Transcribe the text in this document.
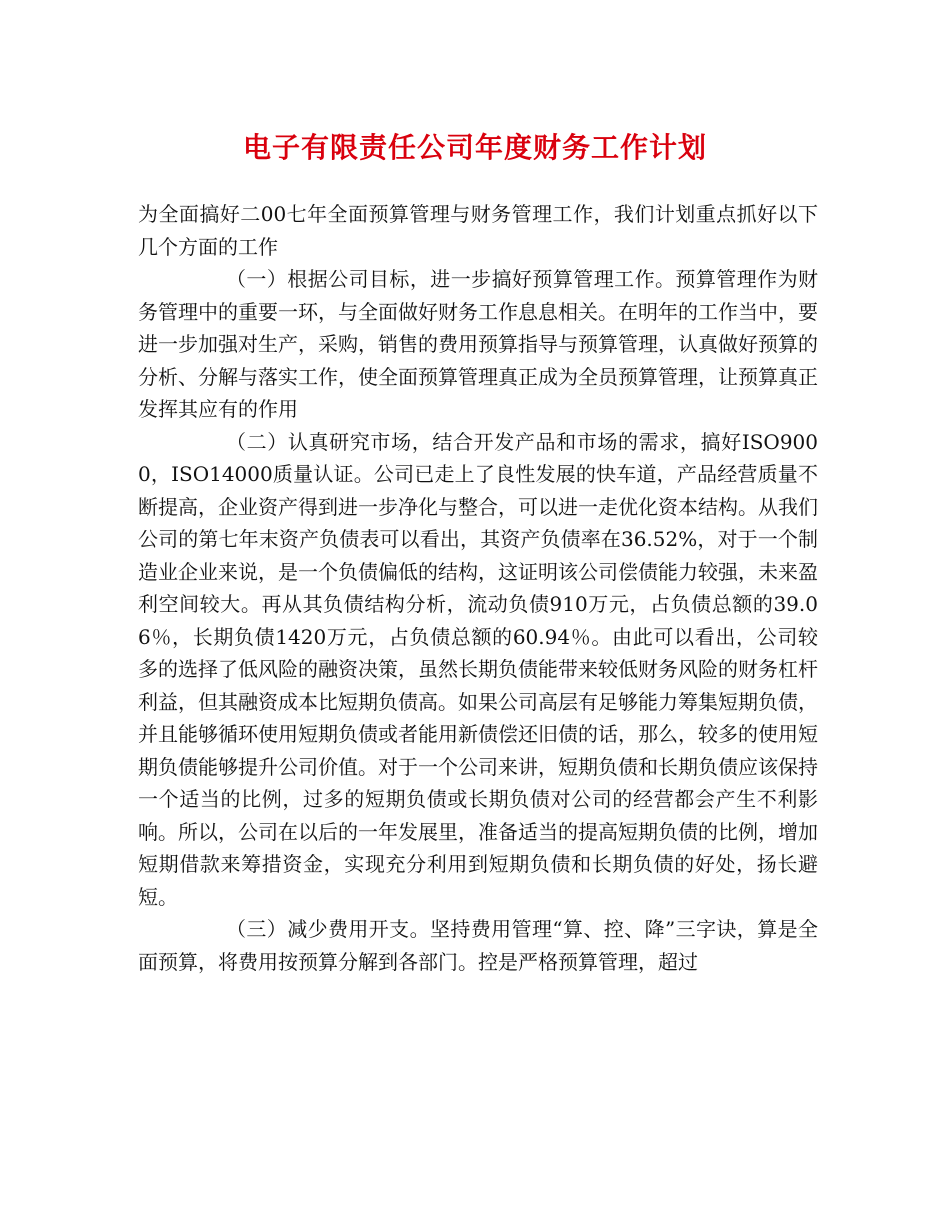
电子有限责任公司年度财务工作计划

为全面搞好二00七年全面预算管理与财务管理工作，我们计划重点抓好以下几个方面的工作

（一）根据公司目标，进一步搞好预算管理工作。预算管理作为财务管理中的重要一环，与全面做好财务工作息息相关。在明年的工作当中，要进一步加强对生产，采购，销售的费用预算指导与预算管理，认真做好预算的分析、分解与落实工作，使全面预算管理真正成为全员预算管理，让预算真正发挥其应有的作用

（二）认真研究市场，结合开发产品和市场的需求，搞好ISO9000，ISO14000质量认证。公司已走上了良性发展的快车道，产品经营质量不断提高，企业资产得到进一步净化与整合，可以进一走优化资本结构。从我们公司的第七年末资产负债表可以看出，其资产负债率在36.52%，对于一个制造业企业来说，是一个负债偏低的结构，这证明该公司偿债能力较强，未来盈利空间较大。再从其负债结构分析，流动负债910万元，占负债总额的39.06％，长期负债1420万元，占负债总额的60.94％。由此可以看出，公司较多的选择了低风险的融资决策，虽然长期负债能带来较低财务风险的财务杠杆利益，但其融资成本比短期负债高。如果公司高层有足够能力筹集短期负债，并且能够循环使用短期负债或者能用新债偿还旧债的话，那么，较多的使用短期负债能够提升公司价值。对于一个公司来讲，短期负债和长期负债应该保持一个适当的比例，过多的短期负债或长期负债对公司的经营都会产生不利影响。所以，公司在以后的一年发展里，准备适当的提高短期负债的比例，增加短期借款来筹措资金，实现充分利用到短期负债和长期负债的好处，扬长避短。

（三）减少费用开支。坚持费用管理“算、控、降”三字诀，算是全面预算，将费用按预算分解到各部门。控是严格预算管理，超过
